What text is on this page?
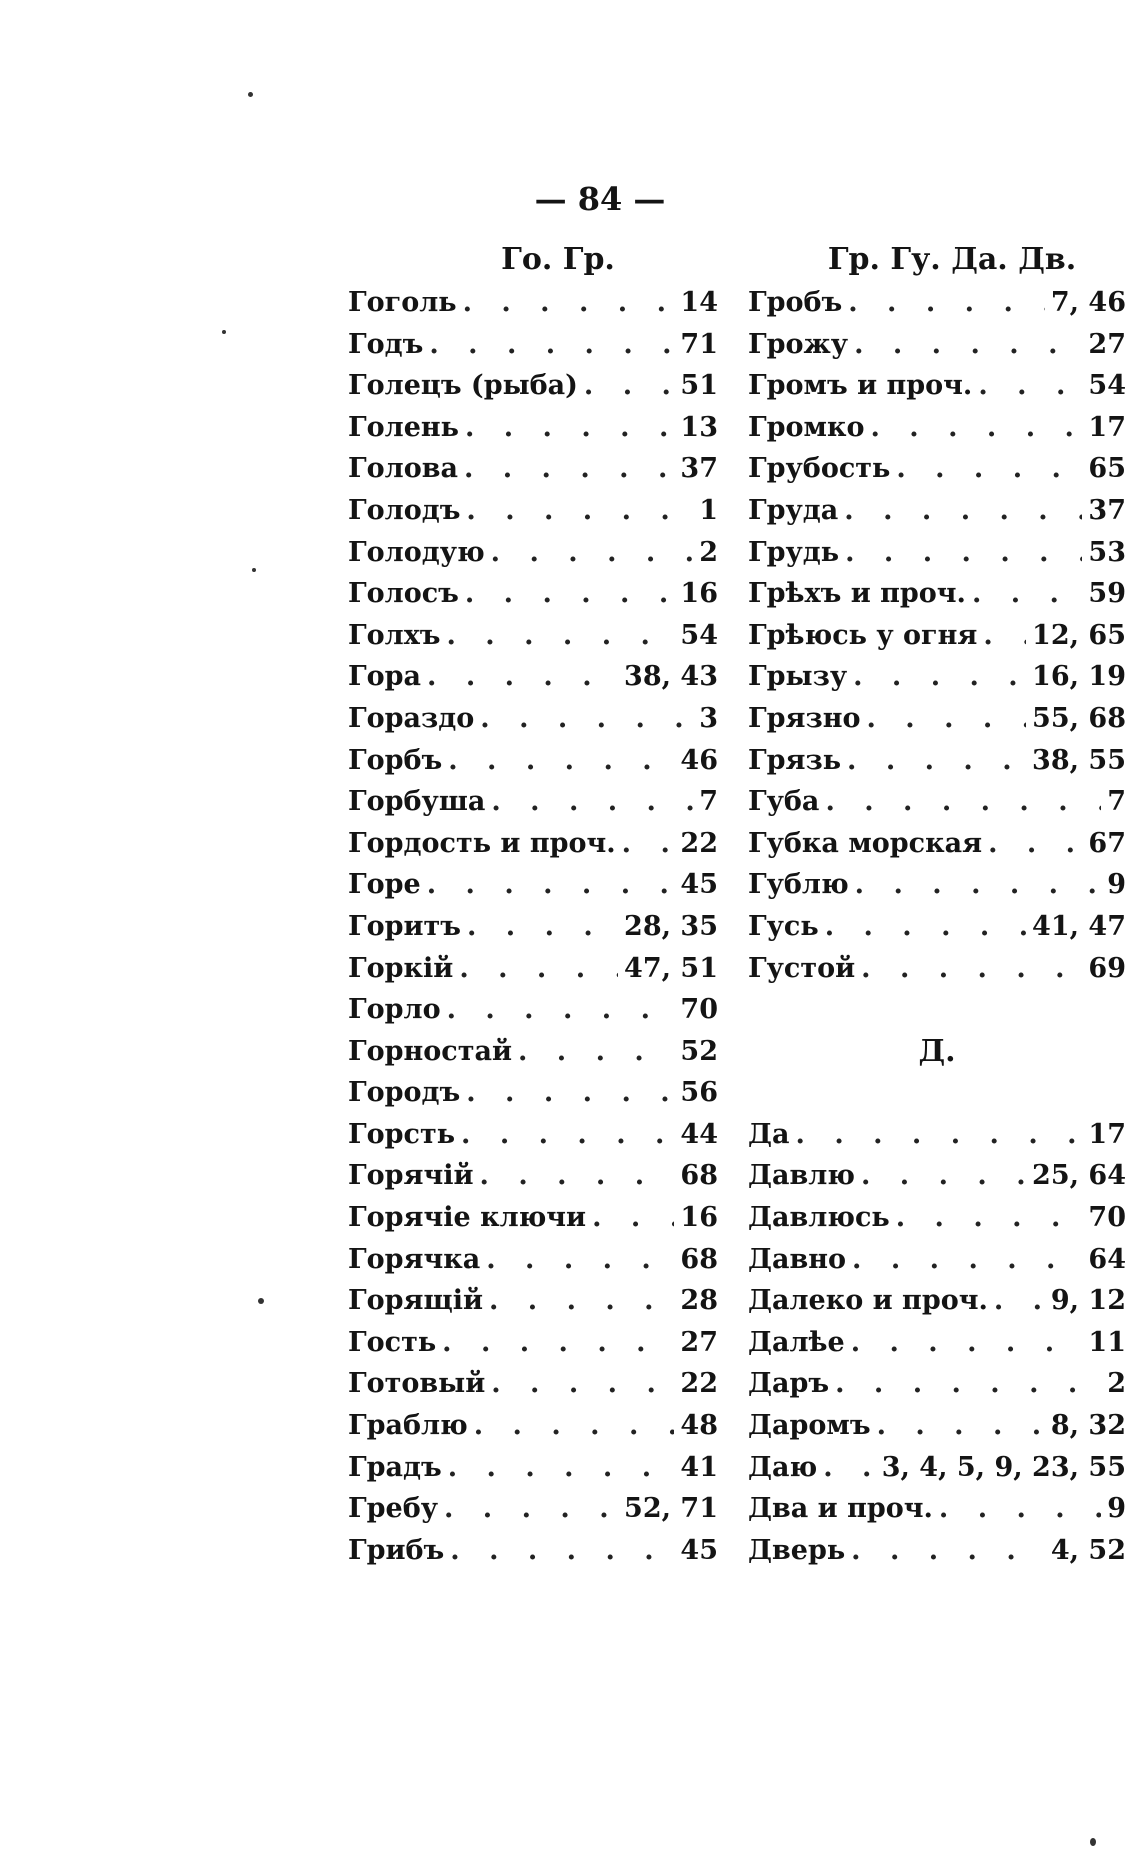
— 84 —
Го. Гр.
Гоголь . . .	14
Годъ . . .	71
Голецъ (рыба) . . .	51
Голень . . .	13
Голова . . .	37
Голодъ . . .	1
Голодую . . .	2
Голосъ . . .	16
Голхъ . . .	54
Гора . . .	38, 43
Гораздо . . .	3
Горбъ . . .	46
Горбуша . . .	7
Гордость и проч. . . . 22
Горе . . .	45
Горитъ . . .	28, 35
Горкій . . .	47, 51
Горло . . .	70
Горностай . . .	52
Городъ . . .	56
Горсть . . .	44
Горячій . . .	68
Горячіе ключи . . .	16
Горячка . . .	68
Горящій . . .	28
Гость . . .	27
Готовый . . .	22
Граблю . . .	48
Градъ . . .	41
Гребу . . .	52, 71
Грибъ . . .	45
Гр. Гу. Да. Дв.
Гробъ . . .	7, 46
Грожу . . .	27
Громъ и проч. . . .	54
Громко . . .	17
Грубость . . .	65
Груда . . .	37
Грудь . . .	53
Грѣхъ и проч. . . .	59
Грѣюсь у огня . . . 12, 65
Грызу . . .	16, 19
Грязно . . .	55, 68
Грязь . . .	38, 55
Губа . . .	7
Губка морская . . .	67
Гублю . . .	9
Гусь . . .	41, 47
Густой . . .	69
Д.
Да . . .	17
Давлю . . .	25, 64
Давлюсь . . .	70
Давно . . .	64
Далеко и проч. . . . 9, 12
Далѣе . . .	11
Даръ . . .	2
Даромъ . . .	8, 32
Даю . . . 3, 4, 5, 9, 23, 55
Два и проч. . . .	9
Дверь . . .	4, 52
